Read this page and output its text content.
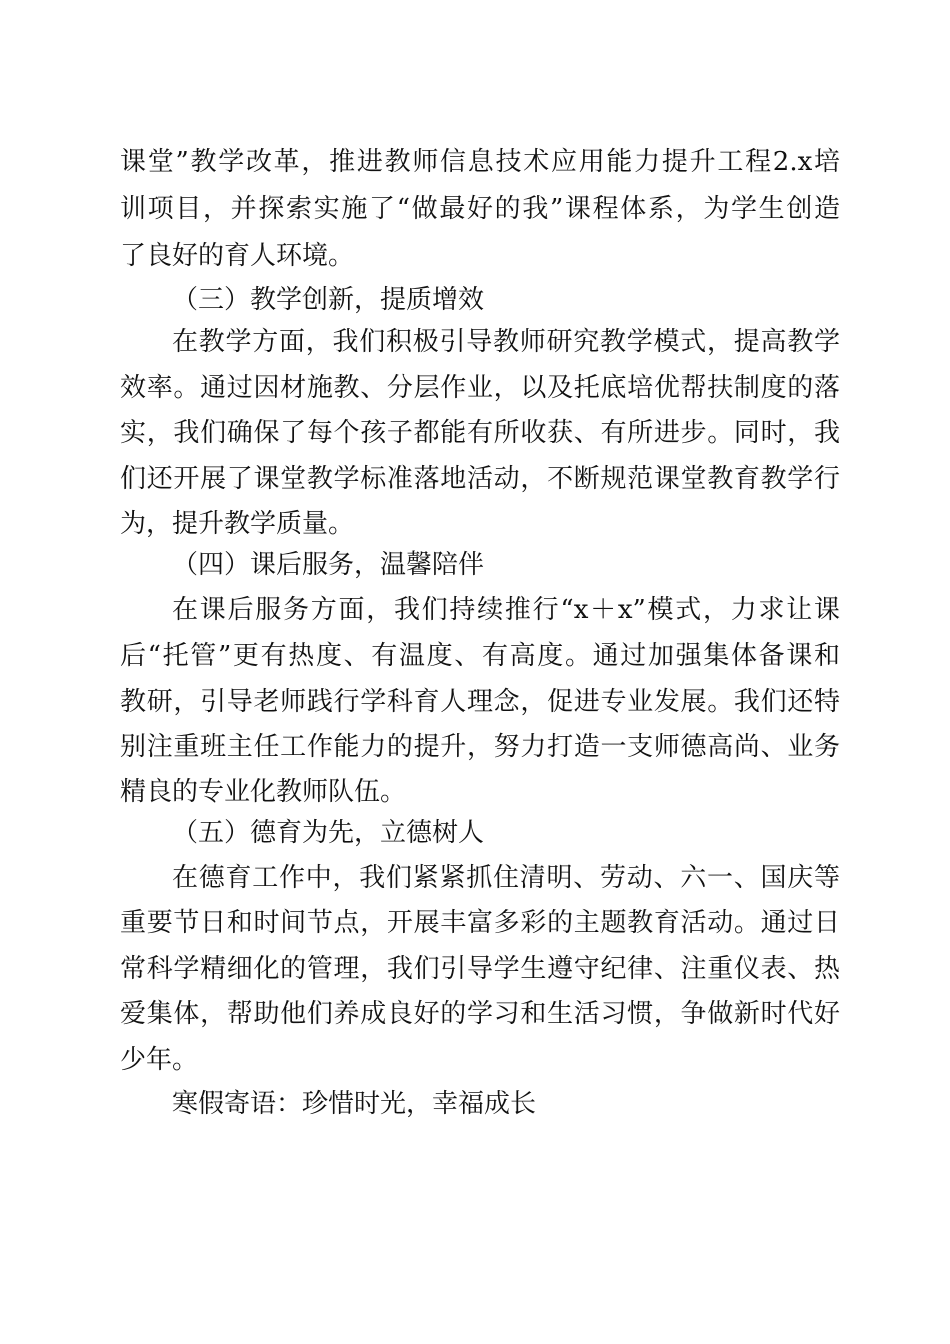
课堂”教学改革，推进教师信息技术应用能力提升工程2.x培
训项目，并探索实施了“做最好的我”课程体系，为学生创造
了良好的育人环境。
（三）教学创新，提质增效
在教学方面，我们积极引导教师研究教学模式，提高教学
效率。通过因材施教、分层作业，以及托底培优帮扶制度的落
实，我们确保了每个孩子都能有所收获、有所进步。同时，我
们还开展了课堂教学标准落地活动，不断规范课堂教育教学行
为，提升教学质量。
（四）课后服务，温馨陪伴
在课后服务方面，我们持续推行“x＋x”模式，力求让课
后“托管”更有热度、有温度、有高度。通过加强集体备课和
教研，引导老师践行学科育人理念，促进专业发展。我们还特
别注重班主任工作能力的提升，努力打造一支师德高尚、业务
精良的专业化教师队伍。
（五）德育为先，立德树人
在德育工作中，我们紧紧抓住清明、劳动、六一、国庆等
重要节日和时间节点，开展丰富多彩的主题教育活动。通过日
常科学精细化的管理，我们引导学生遵守纪律、注重仪表、热
爱集体，帮助他们养成良好的学习和生活习惯，争做新时代好
少年。
寒假寄语：珍惜时光，幸福成长
